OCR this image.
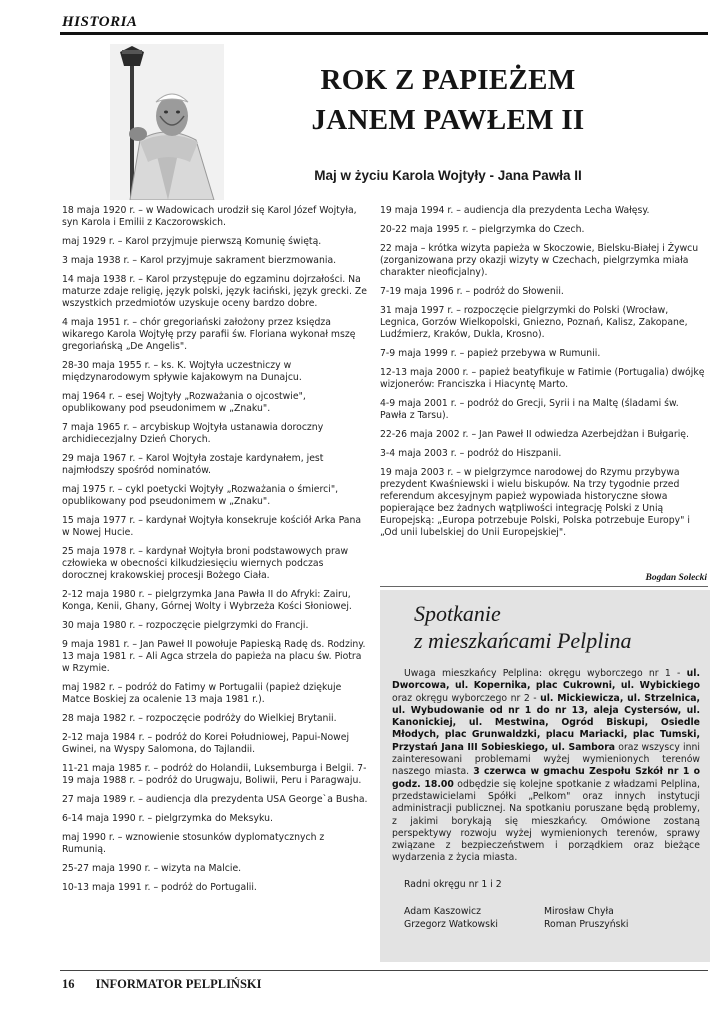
HISTORIA
ROK Z PAPIEŻEM
JANEM PAWŁEM II
Maj w życiu Karola Wojtyły - Jana Pawła II

18 maja 1920 r. – w Wadowicach urodził się Karol Józef Wojtyła, syn Karola i Emilii z Kaczorowskich.

maj 1929 r. – Karol przyjmuje pierwszą Komunię świętą.

3 maja 1938 r. – Karol przyjmuje sakrament bierzmowania.

14 maja 1938 r. – Karol przystępuje do egzaminu dojrzałości. Na maturze zdaje religię, język polski, język łaciński, język grecki. Ze wszystkich przedmiotów uzyskuje oceny bardzo dobre.

4 maja 1951 r. – chór gregoriański założony przez księdza wikarego Karola Wojtyłę przy parafii św. Floriana wykonał mszę gregoriańską „De Angelis".

28-30 maja 1955 r. – ks. K. Wojtyła uczestniczy w międzynarodowym spływie kajakowym na Dunajcu.

maj 1964 r. – esej Wojtyły „Rozważania o ojcostwie", opublikowany pod pseudonimem w „Znaku".

7 maja 1965 r. – arcybiskup Wojtyła ustanawia doroczny archidiecezjalny Dzień Chorych.

29 maja 1967 r. – Karol Wojtyła zostaje kardynałem, jest najmłodszy spośród nominatów.

maj 1975 r. – cykl poetycki Wojtyły „Rozważania o śmierci", opublikowany pod pseudonimem w „Znaku".

15 maja 1977 r. – kardynał Wojtyła konsekruje kościół Arka Pana w Nowej Hucie.

25 maja 1978 r. – kardynał Wojtyła broni podstawowych praw człowieka w obecności kilkudziesięciu wiernych podczas dorocznej krakowskiej procesji Bożego Ciała.

2-12 maja 1980 r. – pielgrzymka Jana Pawła II do Afryki: Zairu, Konga, Kenii, Ghany, Górnej Wolty i Wybrzeża Kości Słoniowej.

30 maja 1980 r. – rozpoczęcie pielgrzymki do Francji.

9 maja 1981 r. – Jan Paweł II powołuje Papieską Radę ds. Rodziny. 13 maja 1981 r. – Ali Agca strzela do papieża na placu św. Piotra w Rzymie.

maj 1982 r. – podróż do Fatimy w Portugalii (papież dziękuje Matce Boskiej za ocalenie 13 maja 1981 r.).

28 maja 1982 r. – rozpoczęcie podróży do Wielkiej Brytanii.

2-12 maja 1984 r. – podróż do Korei Południowej, Papui-Nowej Gwinei, na Wyspy Salomona, do Tajlandii.

11-21 maja 1985 r. – podróż do Holandii, Luksemburga i Belgii. 7-19 maja 1988 r. – podróż do Urugwaju, Boliwii, Peru i Paragwaju.

27 maja 1989 r. – audiencja dla prezydenta USA George`a Busha.

6-14 maja 1990 r. – pielgrzymka do Meksyku.

maj 1990 r. – wznowienie stosunków dyplomatycznych z Rumunią.

25-27 maja 1990 r. – wizyta na Malcie.

10-13 maja 1991 r. – podróż do Portugalii.

19 maja 1994 r. – audiencja dla prezydenta Lecha Wałęsy.

20-22 maja 1995 r. – pielgrzymka do Czech.

22 maja – krótka wizyta papieża w Skoczowie, Bielsku-Białej i Żywcu (zorganizowana przy okazji wizyty w Czechach, pielgrzymka miała charakter nieoficjalny).

7-19 maja 1996 r. – podróż do Słowenii.

31 maja 1997 r. – rozpoczęcie pielgrzymki do Polski (Wrocław, Legnica, Gorzów Wielkopolski, Gniezno, Poznań, Kalisz, Zakopane, Ludźmierz, Kraków, Dukla, Krosno).

7-9 maja 1999 r. – papież przebywa w Rumunii.

12-13 maja 2000 r. – papież beatyfikuje w Fatimie (Portugalia) dwójkę wizjonerów: Franciszka i Hiacyntę Marto.

4-9 maja 2001 r. – podróż do Grecji, Syrii i na Maltę (śladami św. Pawła z Tarsu).

22-26 maja 2002 r. – Jan Paweł II odwiedza Azerbejdżan i Bułgarię.

3-4 maja 2003 r. – podróż do Hiszpanii.

19 maja 2003 r. – w pielgrzymce narodowej do Rzymu przybywa prezydent Kwaśniewski i wielu biskupów. Na trzy tygodnie przed referendum akcesyjnym papież wypowiada historyczne słowa popierające bez żadnych wątpliwości integrację Polski z Unią Europejską: „Europa potrzebuje Polski, Polska potrzebuje Europy" i „Od unii lubelskiej do Unii Europejskiej".

Bogdan Solecki
Spotkanie
z mieszkańcami Pelplina
Uwaga mieszkańcy Pelplina: okręgu wyborczego nr 1 - ul. Dworcowa, ul. Kopernika, plac Cukrowni, ul. Wybickiego oraz okręgu wyborczego nr 2 - ul. Mickiewicza, ul. Strzelnica, ul. Wybudowanie od nr 1 do nr 13, aleja Cystersów, ul. Kanonickiej, ul. Mestwina, Ogród Biskupi, Osiedle Młodych, plac Grunwaldzki, placu Mariacki, plac Tumski, Przystań Jana III Sobieskiego, ul. Sambora oraz wszyscy inni zainteresowani problemami wyżej wymienionych terenów naszego miasta. 3 czerwca w gmachu Zespołu Szkół nr 1 o godz. 18.00 odbędzie się kolejne spotkanie z władzami Pelplina, przedstawicielami Spółki „Pelkom" oraz innych instytucji administracji publicznej. Na spotkaniu poruszane będą problemy, z jakimi borykają się mieszkańcy. Omówione zostaną perspektywy rozwoju wyżej wymienionych terenów, sprawy związane z bezpieczeństwem i porządkiem oraz bieżące wydarzenia z życia miasta.
Radni okręgu nr 1 i 2
Adam Kaszowicz
Grzegorz Watkowski
Mirosław Chyła
Roman Pruszyński
16 INFORMATOR PELPLIŃSKI
